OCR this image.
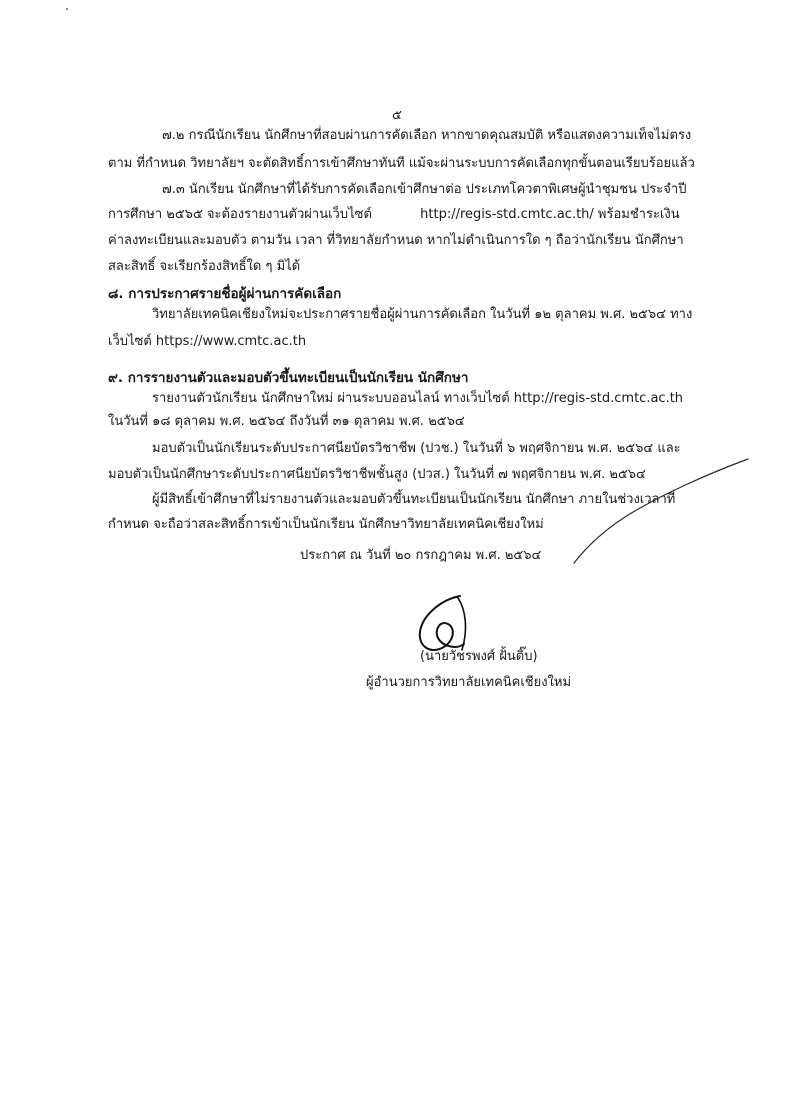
๕
๗.๒ กรณีนักเรียน นักศึกษาที่สอบผ่านการคัดเลือก หากขาดคุณสมบัติ หรือแสดงความเท็จไม่ตรง
ตาม ที่กำหนด วิทยาลัยฯ จะตัดสิทธิ์การเข้าศึกษาทันที แม้จะผ่านระบบการคัดเลือกทุกขั้นตอนเรียบร้อยแล้ว
๗.๓ นักเรียน นักศึกษาที่ได้รับการคัดเลือกเข้าศึกษาต่อ ประเภทโควตาพิเศษผู้นำชุมชน ประจำปี
การศึกษา ๒๕๖๕ จะต้องรายงานตัวผ่านเว็บไซต์	http://regis-std.cmtc.ac.th/ พร้อมชำระเงิน
ค่าลงทะเบียนและมอบตัว ตามวัน เวลา ที่วิทยาลัยกำหนด หากไม่ดำเนินการใด ๆ ถือว่านักเรียน นักศึกษา
สละสิทธิ์ จะเรียกร้องสิทธิ์ใด ๆ มิได้
๘. การประกาศรายชื่อผู้ผ่านการคัดเลือก
วิทยาลัยเทคนิคเชียงใหม่จะประกาศรายชื่อผู้ผ่านการคัดเลือก ในวันที่ ๑๒ ตุลาคม พ.ศ. ๒๕๖๔ ทาง
เว็บไซต์ https://www.cmtc.ac.th
๙. การรายงานตัวและมอบตัวขึ้นทะเบียนเป็นนักเรียน นักศึกษา
รายงานตัวนักเรียน นักศึกษาใหม่ ผ่านระบบออนไลน์ ทางเว็บไซต์ http://regis-std.cmtc.ac.th
ในวันที่ ๑๘ ตุลาคม พ.ศ. ๒๕๖๔ ถึงวันที่ ๓๑ ตุลาคม พ.ศ. ๒๕๖๔
มอบตัวเป็นนักเรียนระดับประกาศนียบัตรวิชาชีพ (ปวช.) ในวันที่ ๖ พฤศจิกายน พ.ศ. ๒๕๖๔ และ
มอบตัวเป็นนักศึกษาระดับประกาศนียบัตรวิชาชีพชั้นสูง (ปวส.) ในวันที่ ๗ พฤศจิกายน พ.ศ. ๒๕๖๔
ผู้มีสิทธิ์เข้าศึกษาที่ไม่รายงานตัวและมอบตัวขึ้นทะเบียนเป็นนักเรียน นักศึกษา ภายในช่วงเวลาที่
กำหนด จะถือว่าสละสิทธิ์การเข้าเป็นนักเรียน นักศึกษาวิทยาลัยเทคนิคเชียงใหม่
ประกาศ ณ วันที่ ๒๐ กรกฎาคม พ.ศ. ๒๕๖๔
(นายวัชรพงศ์ ฝั้นติ๊บ)
ผู้อำนวยการวิทยาลัยเทคนิคเชียงใหม่
